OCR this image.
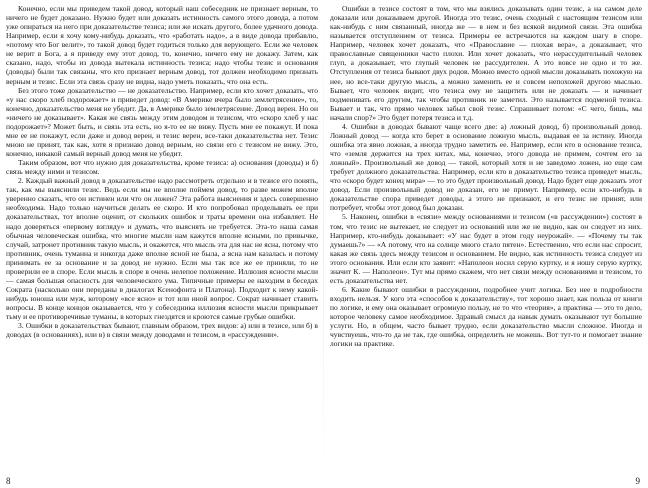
Конечно, если мы приведем такой довод, который наш собеседник не признает верным, то ничего не будет доказано. Нужно будет или доказать истинность самого этого довода, а потом уже опираться на него при доказательстве тезиса; или же искать другого, более удачного довода. Например, если я хочу кому-нибудь доказать, что «работать надо», а в виде довода прибавлю, «потому что Бог велит», то такой довод будет годиться только для верующего. Если же человек не верит в Бога, а я приведу ему этот довод, то, конечно, ничего ему не докажу. Затем, как сказано, надо, чтобы из довода вытекала истинность тезиса; надо чтобы тезис и основания (доводы) были так связаны, что кто признает верным довод, тот должен необходимо признать верным и тезис. Если эта связь сразу не видна, надо уметь показать, что она есть.

Без этого тоже доказательство — не доказательство. Например, если кто хочет доказать, что «у нас скоро хлеб подорожает» и приведет довод: «В Америке вчера было землетрясение», то, конечно, доказательство меня не убедит. Да, в Америке было землетрясение. Довод верен. Но он «ничего не доказывает». Какая же связь между этим доводом и тезисом, что «скоро хлеб у нас подорожает»? Может быть, и связь эта есть, но я-то ее не вижу. Пусть мне ее покажут. И пока мне ее не покажут, если даже и довод верен, и тезис верен, все-таки доказательства нет. Тезис мною не принят, так как, хотя я признаю довод верным, но связи его с тезисом не вижу. Это, конечно, никакой самый верный довод меня не убедит.

Таким образом, вот что нужно для доказательства, кроме тезиса: а) основания (доводы) и б) связь между ними и тезисом.

2. Каждый важный довод в доказательстве надо рассмотреть отдельно и в тезисе его понять, так, как мы выяснили тезис. Ведь если мы не вполне поймем довод, то разве можем вполне уверенно сказать, что он истинен или что он ложен? Эта работа выяснения и здесь совершенно необходима. Надо только научиться делать ее скоро. И кто попробовал проделывать ее при доказательствах, тот вполне оценит, от скольких ошибок и траты времени она избавляет. Не надо доверяться «первому взгляду» и думать, что выяснять не требуется. Эта-то наша самая обычная человеческая ошибка, что многие мысли нам кажутся вполне ясными, по привычке, случай, затронет противник такую мысль, и окажется, что мысль эта для нас не ясна, потому что противник, очень туманна и никогда даже вполне ясной не была, а ясна нам казалась и потому принимать ее за основание и за довод не нужно. Если мы так все же ее приняли, то не проверили ее в споре. Если мысль в споре в очень нелепое положение. Иллюзия ясности мысли — самая большая опасность для человеческого ума. Типичные примеры ее находим в беседах Сократа (насколько они переданы в диалогах Ксенофонта и Платона). Подходит к нему какой-нибудь юноша или муж, которому «все ясно» и тот или иной вопрос. Сократ начинает ставить вопросы. В конце концов оказывается, что у собеседника иллюзия ясности мысли прикрывает тьму и ее противоречивые туманы, в которых гнездятся и кроются самые грубые ошибки.

3. Ошибки в доказательствах бывают, главным образом, трех видов: а) или в тезисе, или б) в доводах (в основаниях), или в) в связи между доводами и тезисом, в «рассуждении».

Ошибки в тезисе состоят в том, что мы взялись доказывать один тезис, а на самом деле доказали или доказываем другой. Иногда это тезис, очень сходный с настоящим тезисом или как-нибудь с ним связанный, иногда же — в нем и без всякой видимой связи. Эта ошибка называется отступлением от тезиса. Примеры ее встречаются на каждом шагу в споре. Например, человек хочет доказать, что «Православие — плохая вера», а доказывает, что православные священники часто плохи. Или хочет доказать, что нерассудительный человек глуп, а доказывает, что глупый человек не рассудителен. А это вовсе не одно и то же. Отступления от тезиса бывают двух родов. Можно вместо одной мысли доказывать похожую на нее, но все-таки другую мысль, а можно заменить ее и совсем непохожей другою мыслью. Бывает, что человек видит, что тезиса ему не защитить или не доказать — и начинает подменивать его другим, так чтобы противник не заметил. Это называется подменой тезиса. Бывает и так, что прямо человек забыл свой тезис. Спрашивает потом: «С чего, бишь, мы начали спор?» Это будет потеря тезиса и т.д.

4. Ошибки в доводах бывают чаще всего две: а) ложный довод, б) произвольный довод. Ложный довод — когда кто берет в основание ложную мысль, выдавая ее за истину. Иногда ошибка эта явно ложная, а иногда трудно заметить ее. Например, если кто в основание тезиса, что «земля держится на трех китах, мы, конечно, этого довода не примем, сочтем его за ложный». Произвольный же довод — такой, который хотя и не заведомо ложен, но еще сам требует должного доказательства. Например, если кто в доказательство тезиса приведет мысль, что «скоро будет конец мира» — то это будет произвольный довод. Надо будет еще доказать этот довод. Если произвольный довод не доказан, его не примут. Например, если кто-нибудь в доказательстве спора приведет доводы, а этого не признают, и его тезис не принят, или потребует, чтобы этот довод был доказан.

5. Наконец, ошибки в «связи» между основаниями и тезисом («в рассуждении») состоят в том, что тезис не вытекает, не следует из оснований или же не видно, как он следует из них. Например, кто-нибудь доказывает: «У нас будет в этом году неурожай». — «Почему ты так думаешь?» — «А потому, что на солнце много стало пятен». Естественно, что если нас спросит, какая же связь здесь между тезисом и основанием. Не видно, как истинность тезиса следует из этого основания. Или если кто заявит: «Наполеон носил серую куртку, и я ношу серую куртку, значит К. — Наполеон». Тут мы прямо скажем, что нет связи между основаниями и тезисом, то есть доказательства нет.

6. Какие бывают ошибки в рассуждении, подробнее учит логика. Без нее в подробности входить нельзя. У кого эта «способов к доказательству», тот хорошо знает, как польза от книги по логике, и ему она оказывает огромную пользу, не то что «теория», а практика — это то дело, которое человеку самое необходимое. Здравый смысл да навык думать оказывают тут большие услуги. Но, в общем, часто бывает трудно, если доказательство мысли сложное. Иногда и чувствуешь, что-то да не так, где ошибка, определить не можешь. Вот тут-то и помогает знание логики на практике.

8	9
